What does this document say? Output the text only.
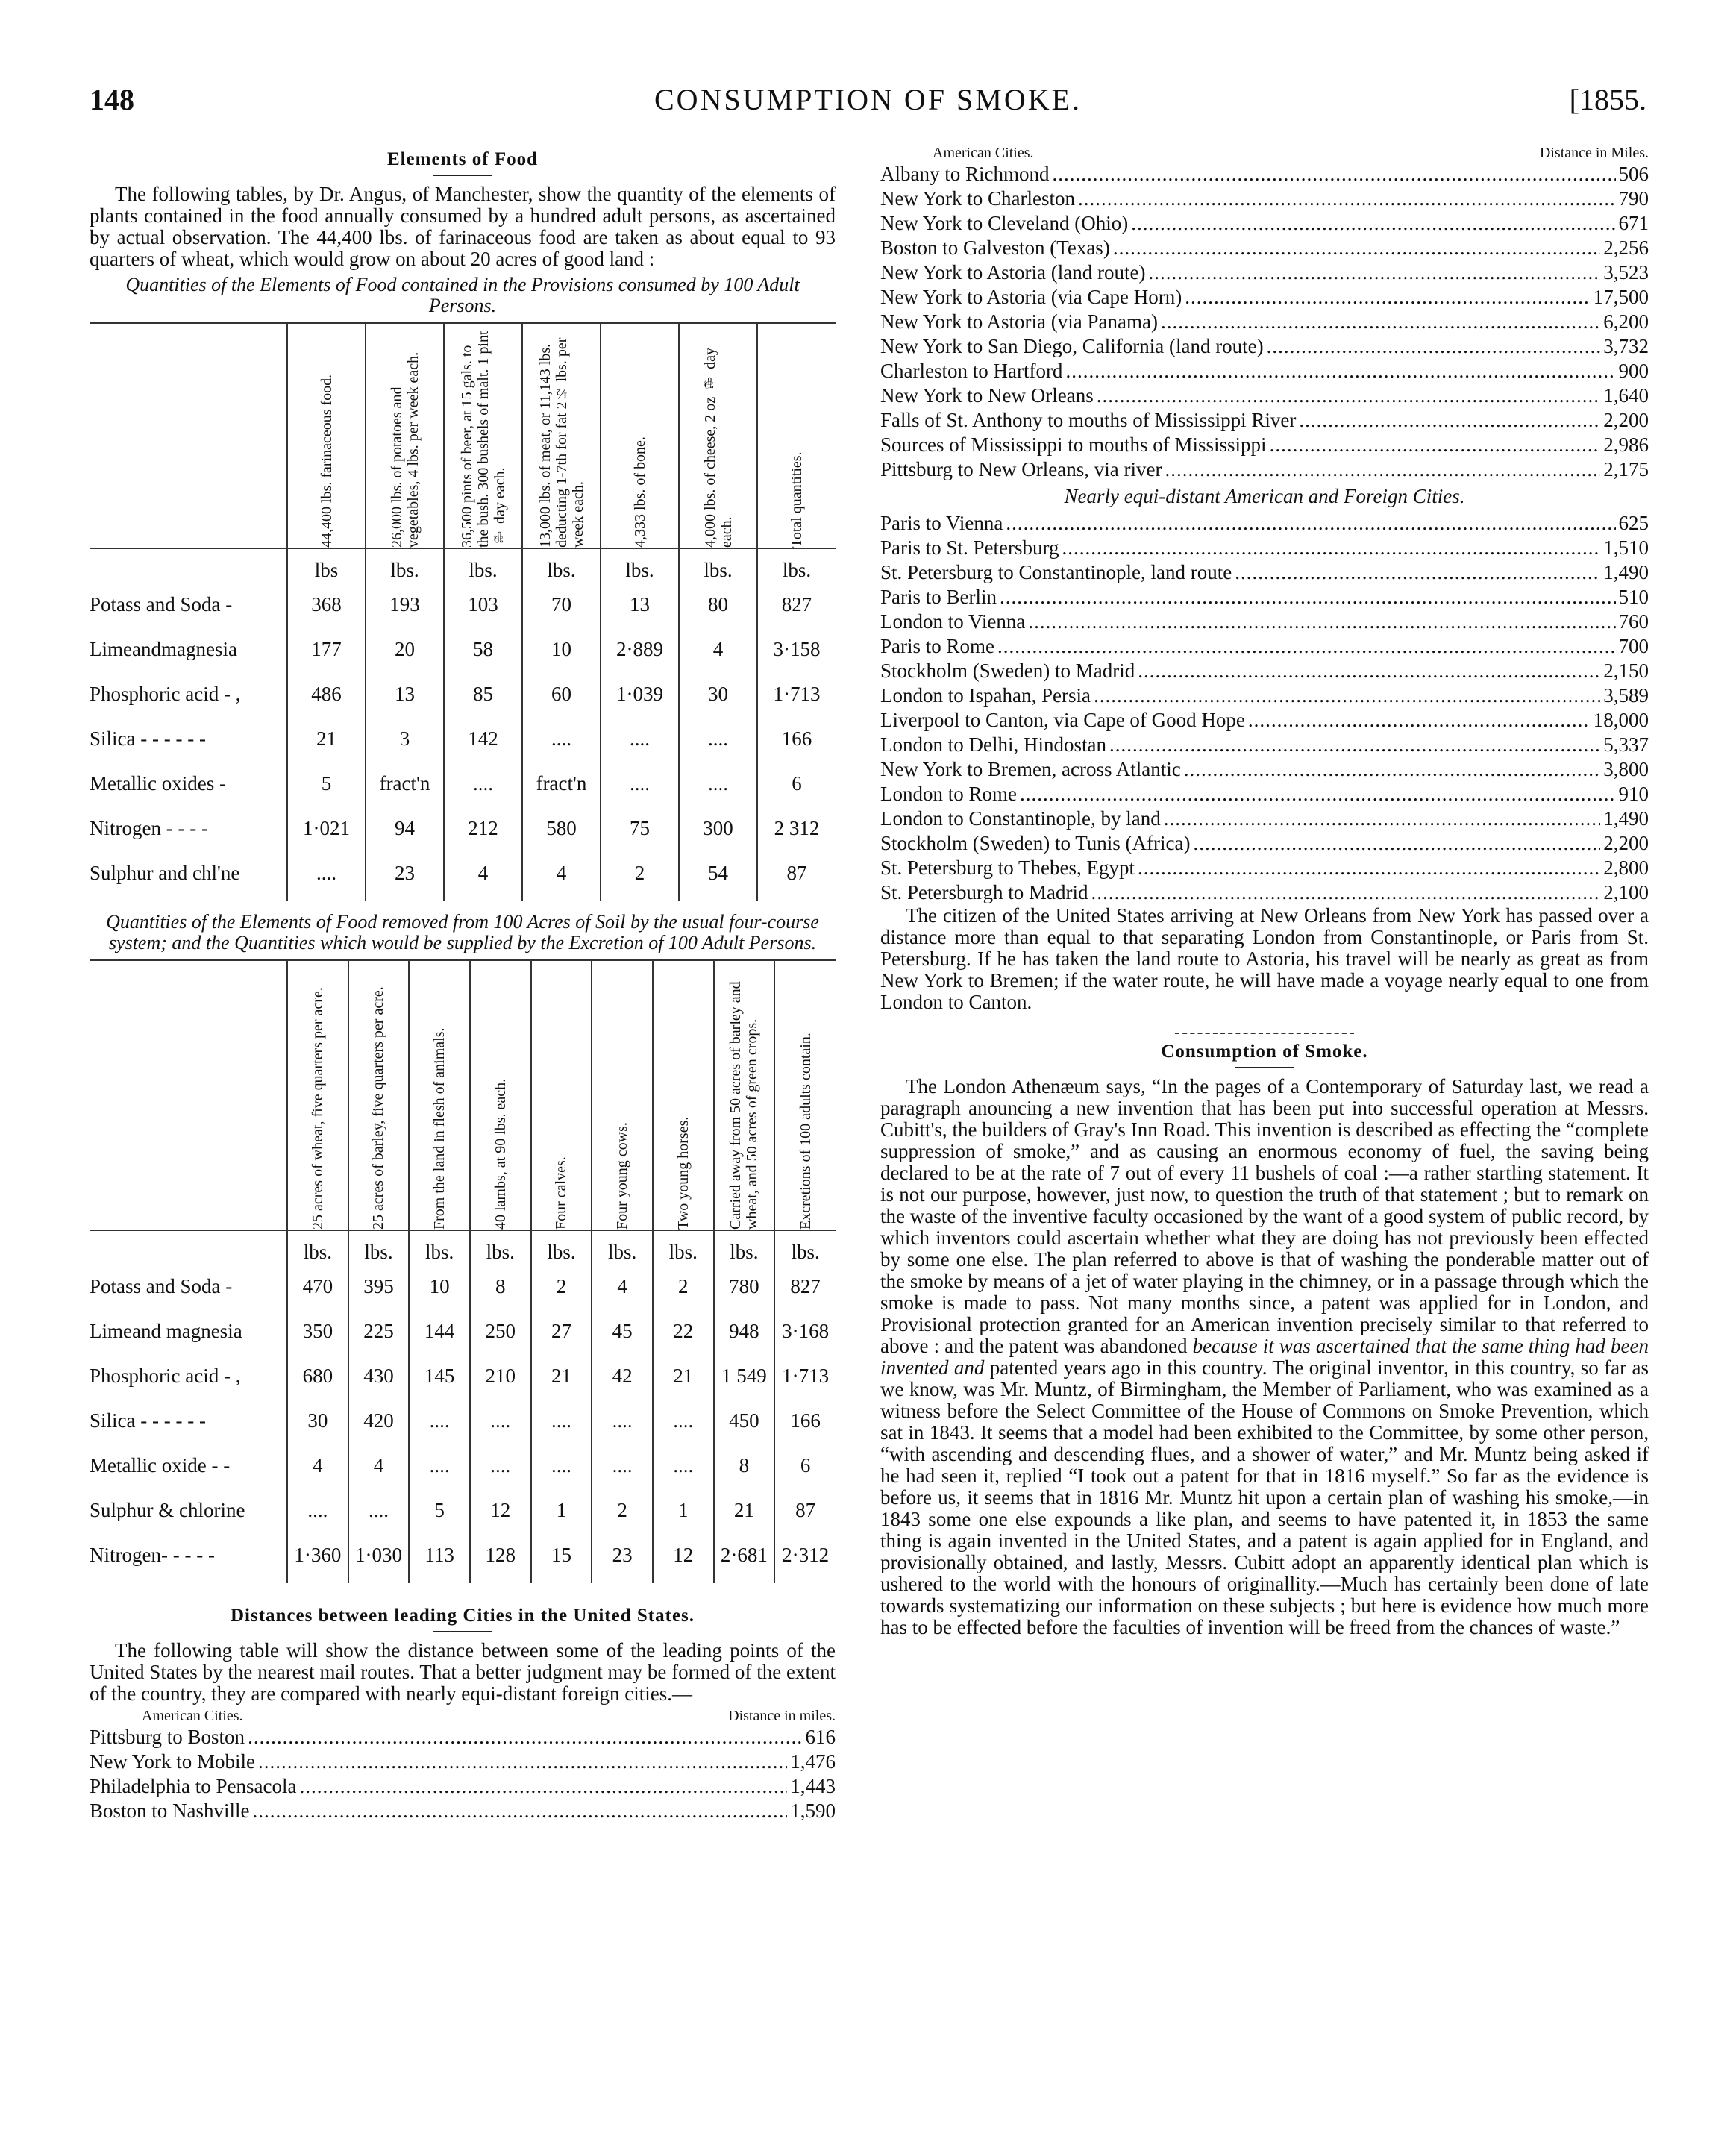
148	CONSUMPTION OF SMOKE.	[1855.
Elements of Food

The following tables, by Dr. Angus, of Manchester, show the quantity of the elements of plants contained in the food annually consumed by a hundred adult persons, as ascertained by actual observation. The 44,400 lbs. of farinaceous food are taken as about equal to 93 quarters of wheat, which would grow on about 20 acres of good land :

Quantities of the Elements of Food contained in the Provisions consumed by 100 Adult Persons.

	44,400 lbs. farinaceous food.	26,000 lbs. of potatoes and vegetables, 4 lbs. per week each.	36,500 pints of beer, at 15 gals. to the bush. 300 bushels of malt. 1 pint ⅌ day each.	13,000 lbs. of meat, or 11,143 lbs. deducting 1-7th for fat 2½ lbs. per week each.	4,333 lbs. of bone.	4,000 lbs. of cheese, 2 oz ⅌ day each.	Total quantities.

	lbs	lbs.	lbs.	lbs.	lbs.	lbs.	lbs.
Potass and Soda -	368	193	103	70	13	80	827
Limeandmagnesia	177	20	58	10	2·889	4	3·158
Phosphoric acid - ,	486	13	85	60	1·039	30	1·713
Silica - - - - - -	21	3	142	....	....	....	166
Metallic oxides -	5	fract'n	....	fract'n	....	....	6
Nitrogen - - - -	1·021	94	212	580	75	300	2 312
Sulphur and chl'ne	....	23	4	4	2	54	87
Quantities of the Elements of Food removed from 100 Acres of Soil by the usual four-course system; and the Quantities which would be supplied by the Excretion of 100 Adult Persons.

	25 acres of wheat, five quarters per acre.	25 acres of barley, five quarters per acre.	From the land in flesh of animals.	40 lambs, at 90 lbs. each.	Four calves.	Four young cows.	Two young horses.	Carried away from 50 acres of barley and wheat, and 50 acres of green crops.	Excretions of 100 adults contain.

	lbs.	lbs.	lbs.	lbs.	lbs.	lbs.	lbs.	lbs.	lbs.
Potass and Soda -	470	395	10	8	2	4	2	780	827
Limeand magnesia	350	225	144	250	27	45	22	948	3·168
Phosphoric acid - ,	680	430	145	210	21	42	21	1 549	1·713
Silica - - - - - -	30	420	....	....	....	....	....	450	166
Metallic oxide - -	4	4	....	....	....	....	....	8	6
Sulphur & chlorine	....	....	5	12	1	2	1	21	87
Nitrogen- - - - -	1·360	1·030	113	128	15	23	12	2·681	2·312
Distances between leading Cities in the United States.

The following table will show the distance between some of the leading points of the United States by the nearest mail routes. That a better judgment may be formed of the extent of the country, they are compared with nearly equi-distant foreign cities.—

American Cities.	Distance in miles.
Pittsburg to Boston .....	616
New York to Mobile .....	1,476
Philadelphia to Pensacola .....	1,443
Boston to Nashville .....	1,590
American Cities.	Distance in Miles.
Albany to Richmond .....	506
New York to Charleston .....	790
New York to Cleveland (Ohio) .....	671
Boston to Galveston (Texas) .....	2,256
New York to Astoria (land route) .....	3,523
New York to Astoria (via Cape Horn) .....	17,500
New York to Astoria (via Panama) .....	6,200
New York to San Diego, California (land route) .....	3,732
Charleston to Hartford .....	900
New York to New Orleans .....	1,640
Falls of St. Anthony to mouths of Mississippi River .....	2,200
Sources of Mississippi to mouths of Mississippi .....	2,986
Pittsburg to New Orleans, via river .....	2,175
Nearly equi-distant American and Foreign Cities.
Paris to Vienna .....	625
Paris to St. Petersburg .....	1,510
St. Petersburg to Constantinople, land route .....	1,490
Paris to Berlin .....	510
London to Vienna .....	760
Paris to Rome .....	700
Stockholm (Sweden) to Madrid .....	2,150
London to Ispahan, Persia .....	3,589
Liverpool to Canton, via Cape of Good Hope .....	18,000
London to Delhi, Hindostan .....	5,337
New York to Bremen, across Atlantic .....	3,800
London to Rome .....	910
London to Constantinople, by land .....	1,490
Stockholm (Sweden) to Tunis (Africa) .....	2,200
St. Petersburg to Thebes, Egypt .....	2,800
St. Petersburgh to Madrid .....	2,100

The citizen of the United States arriving at New Orleans from New York has passed over a distance more than equal to that separating London from Constantinople, or Paris from St. Petersburg. If he has taken the land route to Astoria, his travel will be nearly as great as from New York to Bremen; if the water route, he will have made a voyage nearly equal to one from London to Canton.

Consumption of Smoke.

The London Athenæum says, “In the pages of a Contemporary of Saturday last, we read a paragraph anouncing a new invention that has been put into successful operation at Messrs. Cubitt's, the builders of Gray's Inn Road. This invention is described as effecting the “complete suppression of smoke,” and as causing an enormous economy of fuel, the saving being declared to be at the rate of 7 out of every 11 bushels of coal :—a rather startling statement. It is not our purpose, however, just now, to question the truth of that statement ; but to remark on the waste of the inventive faculty occasioned by the want of a good system of public record, by which inventors could ascertain whether what they are doing has not previously been effected by some one else. The plan referred to above is that of washing the ponderable matter out of the smoke by means of a jet of water playing in the chimney, or in a passage through which the smoke is made to pass. Not many months since, a patent was applied for in London, and Provisional protection granted for an American invention precisely similar to that referred to above : and the patent was abandoned because it was ascertained that the same thing had been invented and patented years ago in this country. The original inventor, in this country, so far as we know, was Mr. Muntz, of Birmingham, the Member of Parliament, who was examined as a witness before the Select Committee of the House of Commons on Smoke Prevention, which sat in 1843. It seems that a model had been exhibited to the Committee, by some other person, “with ascending and descending flues, and a shower of water,” and Mr. Muntz being asked if he had seen it, replied “I took out a patent for that in 1816 myself.” So far as the evidence is before us, it seems that in 1816 Mr. Muntz hit upon a certain plan of washing his smoke,—in 1843 some one else expounds a like plan, and seems to have patented it, in 1853 the same thing is again invented in the United States, and a patent is again applied for in England, and provisionally obtained, and lastly, Messrs. Cubitt adopt an apparently identical plan which is ushered to the world with the honours of originallity.—Much has certainly been done of late towards systematizing our information on these subjects ; but here is evidence how much more has to be effected before the faculties of invention will be freed from the chances of waste.”
